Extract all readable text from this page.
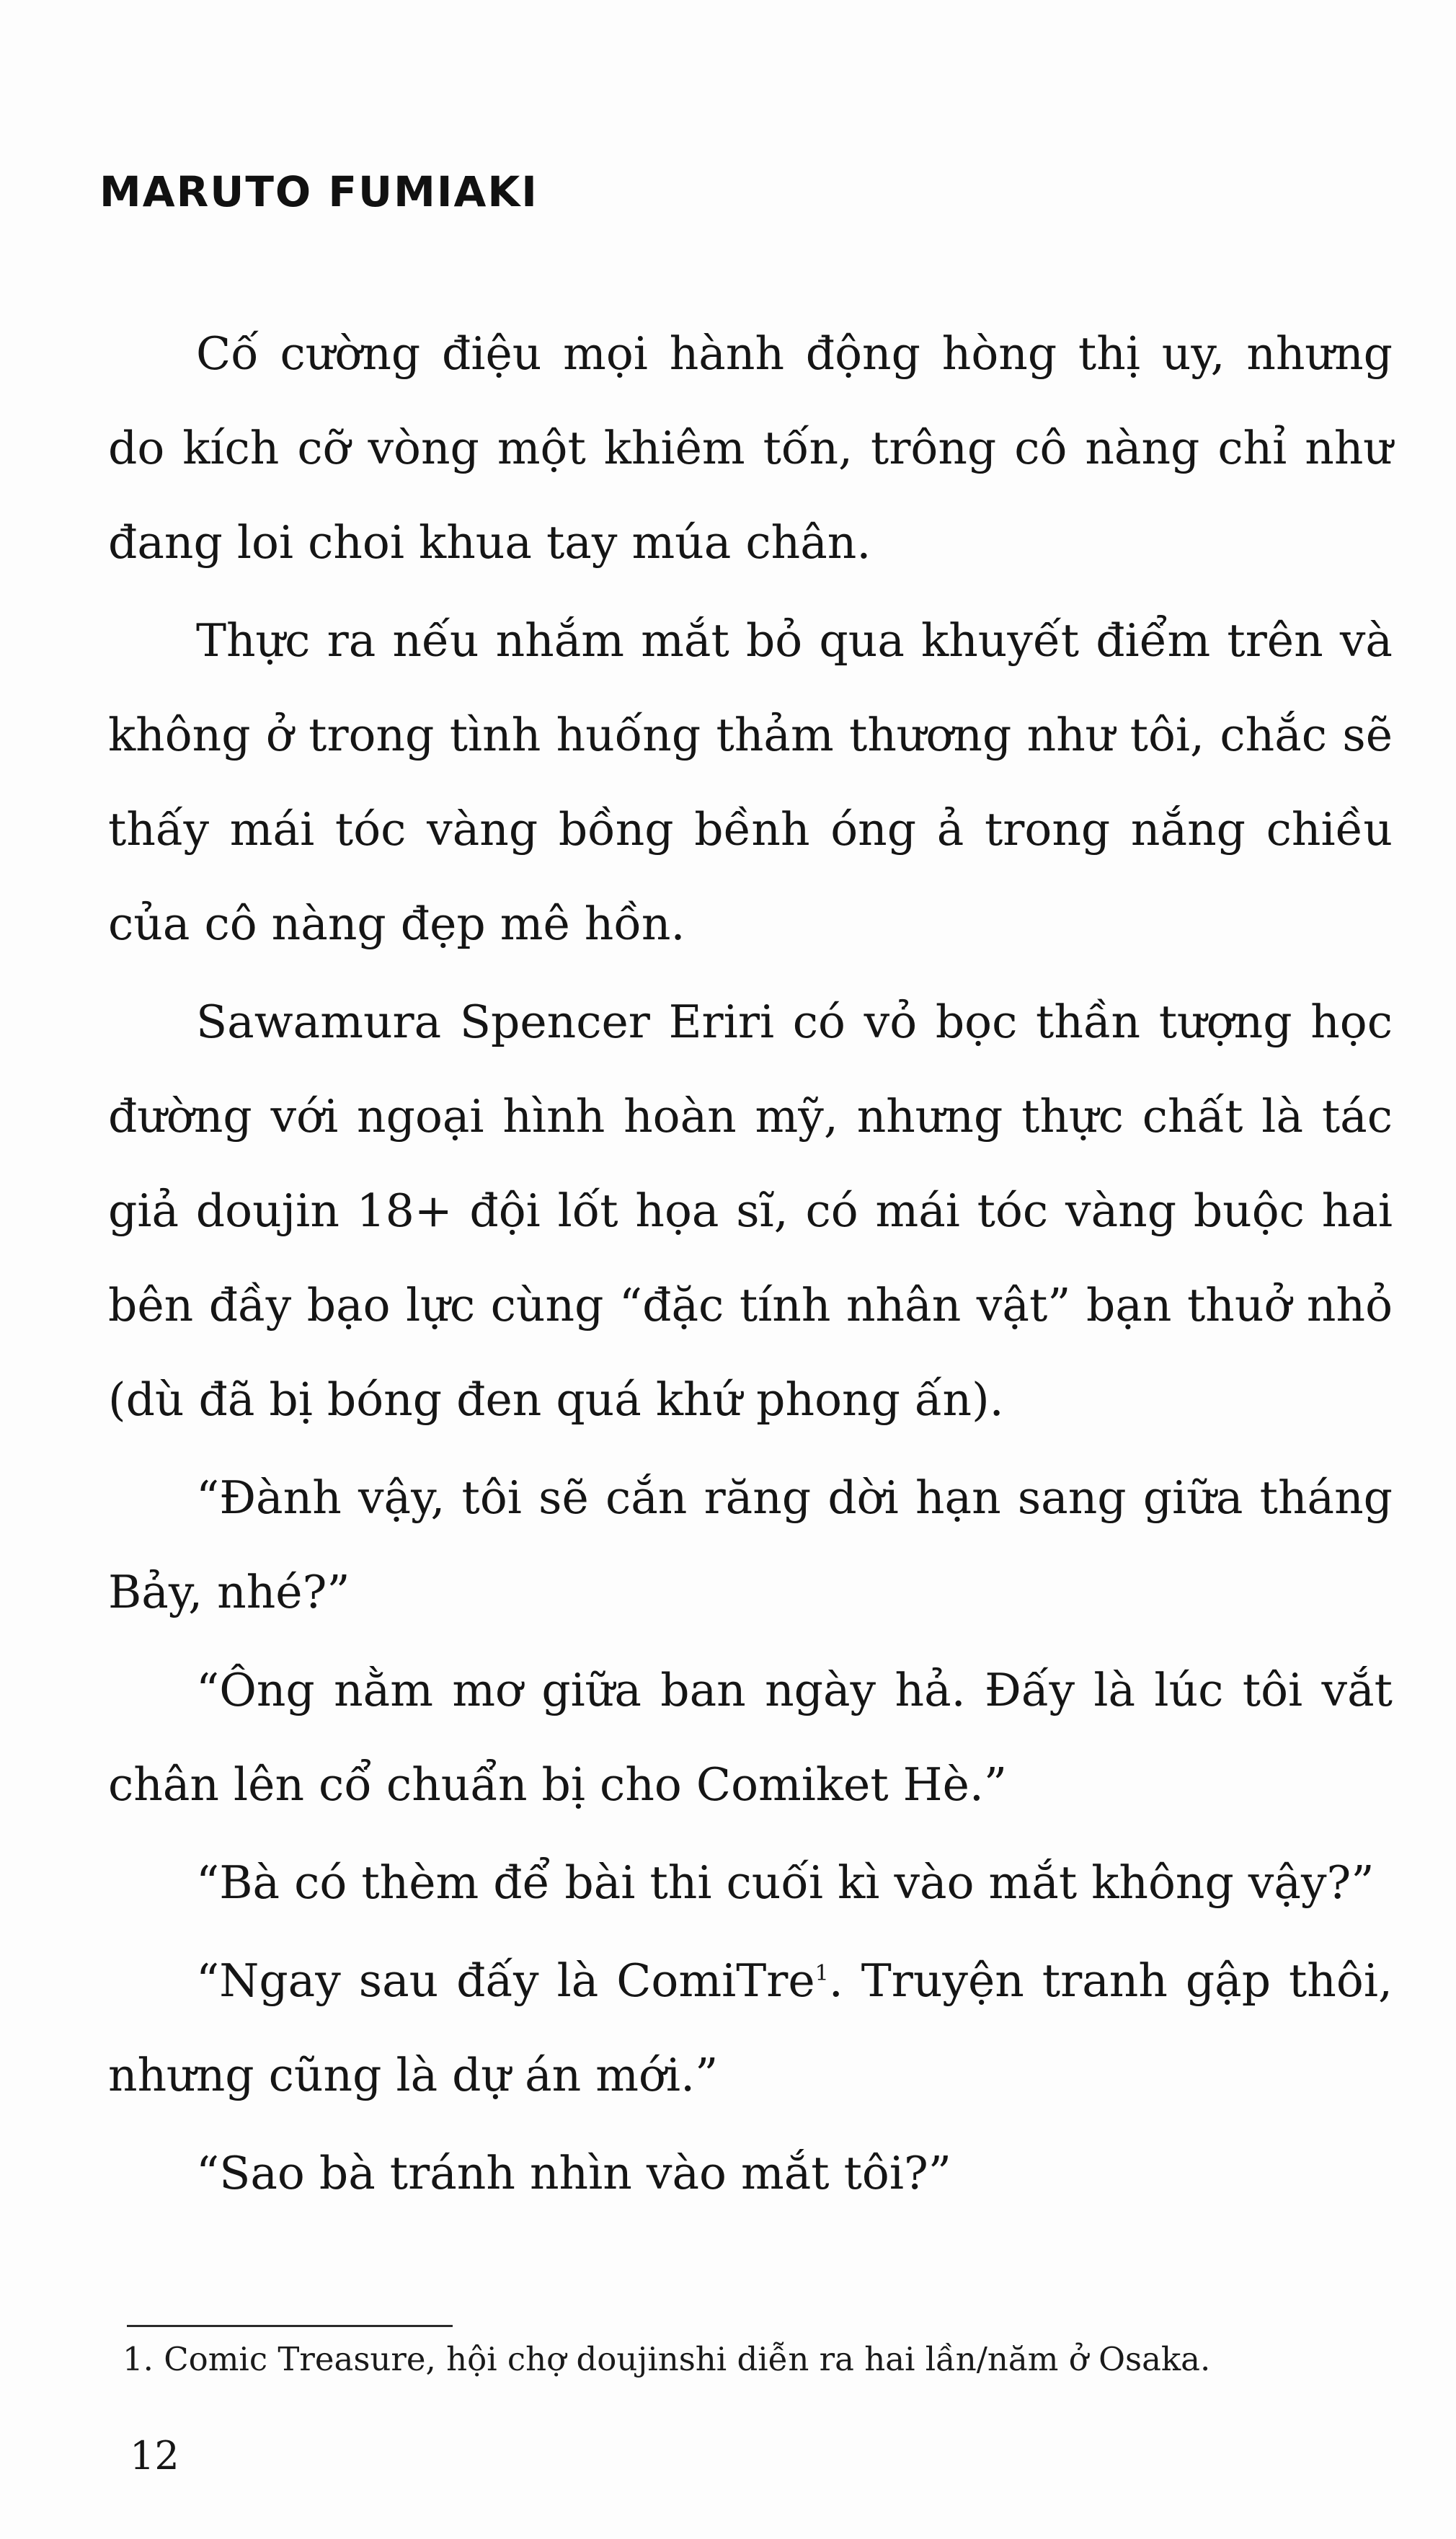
MARUTO FUMIAKI

Cố cường điệu mọi hành động hòng thị uy, nhưng do kích cỡ vòng một khiêm tốn, trông cô nàng chỉ như đang loi choi khua tay múa chân.

Thực ra nếu nhắm mắt bỏ qua khuyết điểm trên và không ở trong tình huống thảm thương như tôi, chắc sẽ thấy mái tóc vàng bồng bềnh óng ả trong nắng chiều của cô nàng đẹp mê hồn.

Sawamura Spencer Eriri có vỏ bọc thần tượng học đường với ngoại hình hoàn mỹ, nhưng thực chất là tác giả doujin 18+ đội lốt họa sĩ, có mái tóc vàng buộc hai bên đầy bạo lực cùng “đặc tính nhân vật” bạn thuở nhỏ (dù đã bị bóng đen quá khứ phong ấn).

“Đành vậy, tôi sẽ cắn răng dời hạn sang giữa tháng Bảy, nhé?”

“Ông nằm mơ giữa ban ngày hả. Đấy là lúc tôi vắt chân lên cổ chuẩn bị cho Comiket Hè.”

“Bà có thèm để bài thi cuối kì vào mắt không vậy?”

“Ngay sau đấy là ComiTre$^1$. Truyện tranh gập thôi, nhưng cũng là dự án mới.”

“Sao bà tránh nhìn vào mắt tôi?”

1. Comic Treasure, hội chợ doujinshi diễn ra hai lần/năm ở Osaka.
12
